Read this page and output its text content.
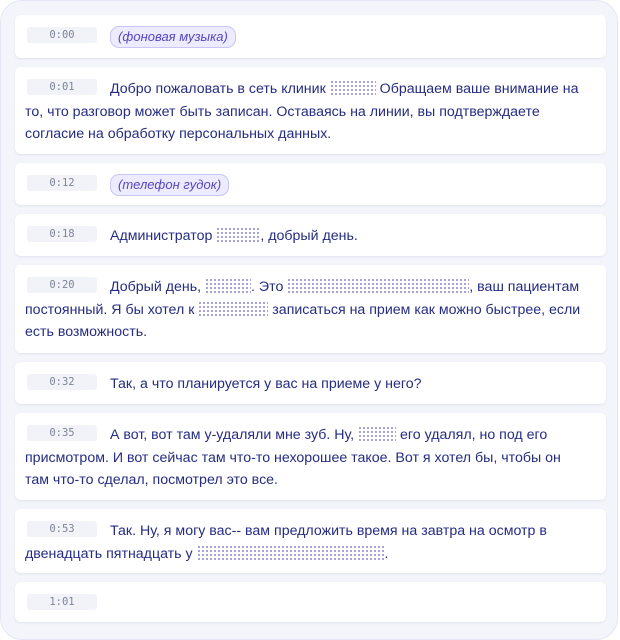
0:00	(фоновая музыка)
0:01	Добро пожаловать в сеть клиник	Обращаем ваше внимание на то, что разговор может быть записан. Оставаясь на линии, вы подтверждаете согласие на обработку персональных данных.
0:12	(телефон гудок)
0:18	Администратор	, добрый день.
0:20	Добрый день,	. Это	, ваш пациентам постоянный. Я бы хотел к	записаться на прием как можно быстрее, если есть возможность.
0:32	Так, а что планируется у вас на приеме у него?
0:35	А вот, вот там у-удаляли мне зуб. Ну,	его удалял, но под его присмотром. И вот сейчас там что-то нехорошее такое. Вот я хотел бы, чтобы он там что-то сделал, посмотрел это все.
0:53	Так. Ну, я могу вас-- вам предложить время на завтра на осмотр в двенадцать пятнадцать у	.
1:01
